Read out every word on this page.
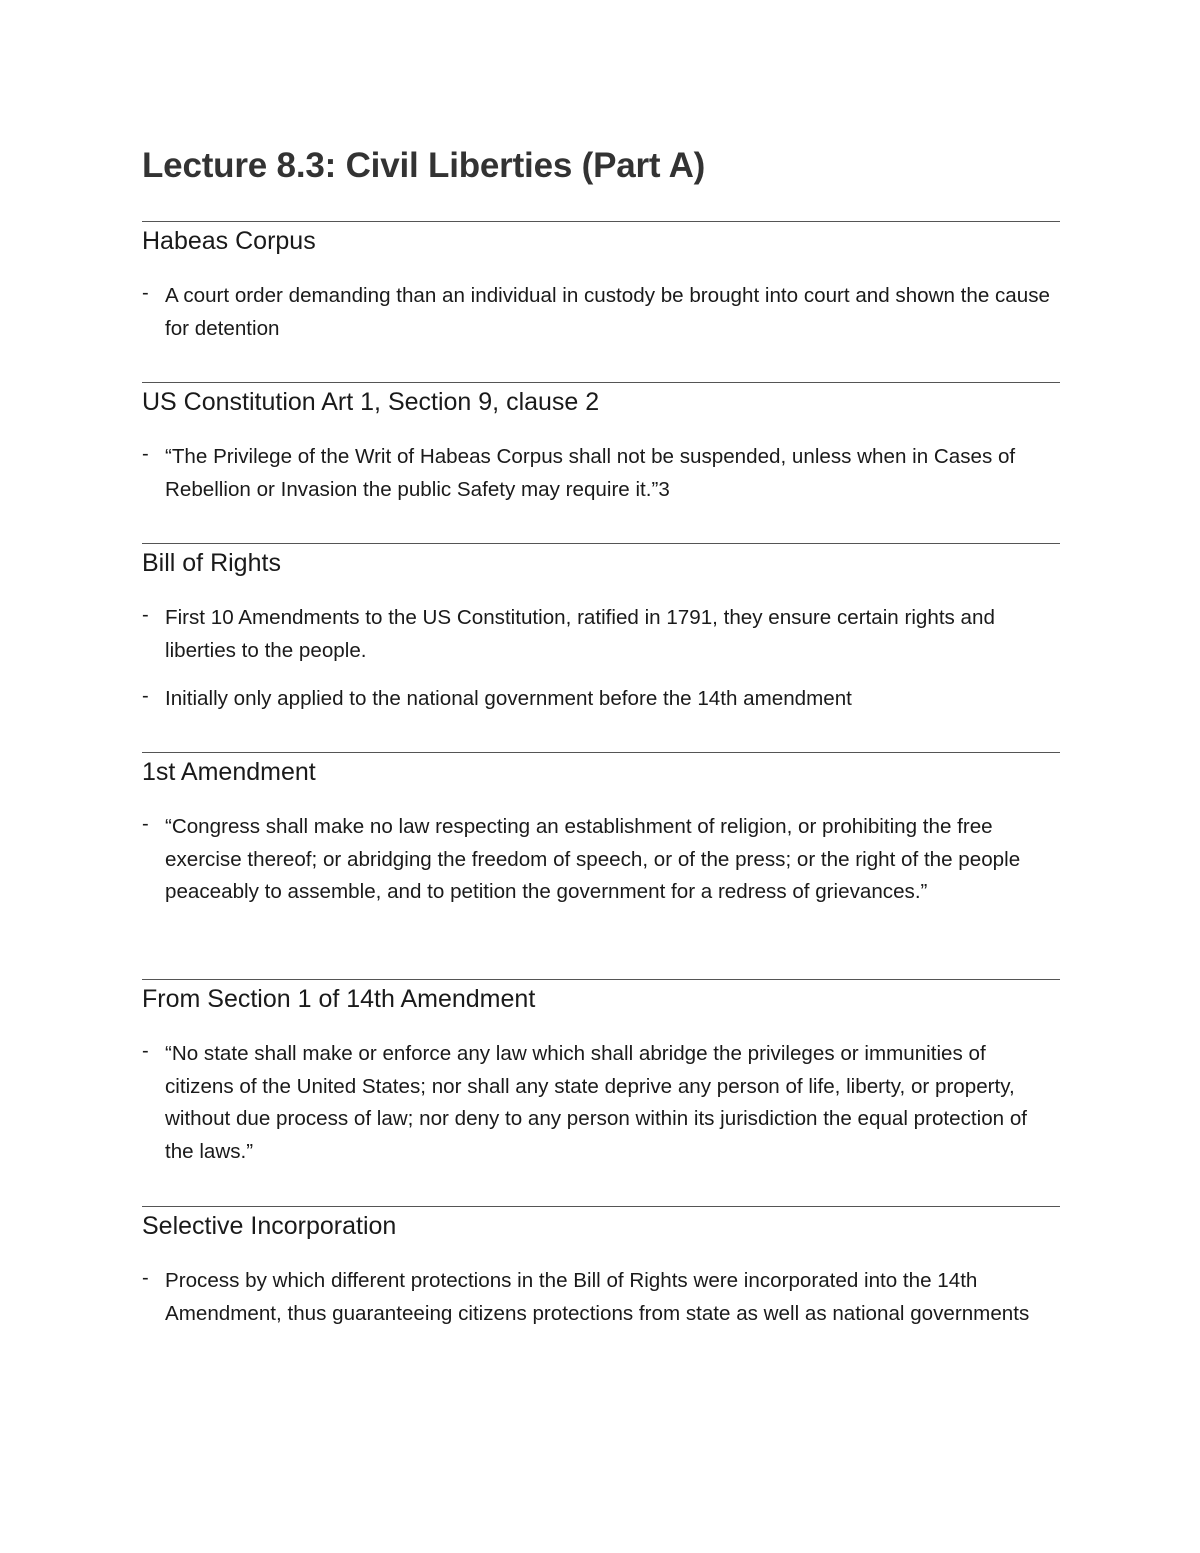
Lecture 8.3: Civil Liberties (Part A)
Habeas Corpus
- A court order demanding than an individual in custody be brought into court and shown the cause for detention
US Constitution Art 1, Section 9, clause 2
- “The Privilege of the Writ of Habeas Corpus shall not be suspended, unless when in Cases of Rebellion or Invasion the public Safety may require it.”3
Bill of Rights
- First 10 Amendments to the US Constitution, ratified in 1791, they ensure certain rights and liberties to the people.
- Initially only applied to the national government before the 14th amendment
1st Amendment
- “Congress shall make no law respecting an establishment of religion, or prohibiting the free exercise thereof; or abridging the freedom of speech, or of the press; or the right of the people peaceably to assemble, and to petition the government for a redress of grievances.”
From Section 1 of 14th Amendment
- “No state shall make or enforce any law which shall abridge the privileges or immunities of citizens of the United States; nor shall any state deprive any person of life, liberty, or property, without due process of law; nor deny to any person within its jurisdiction the equal protection of the laws.”
Selective Incorporation
- Process by which different protections in the Bill of Rights were incorporated into the 14th Amendment, thus guaranteeing citizens protections from state as well as national governments
